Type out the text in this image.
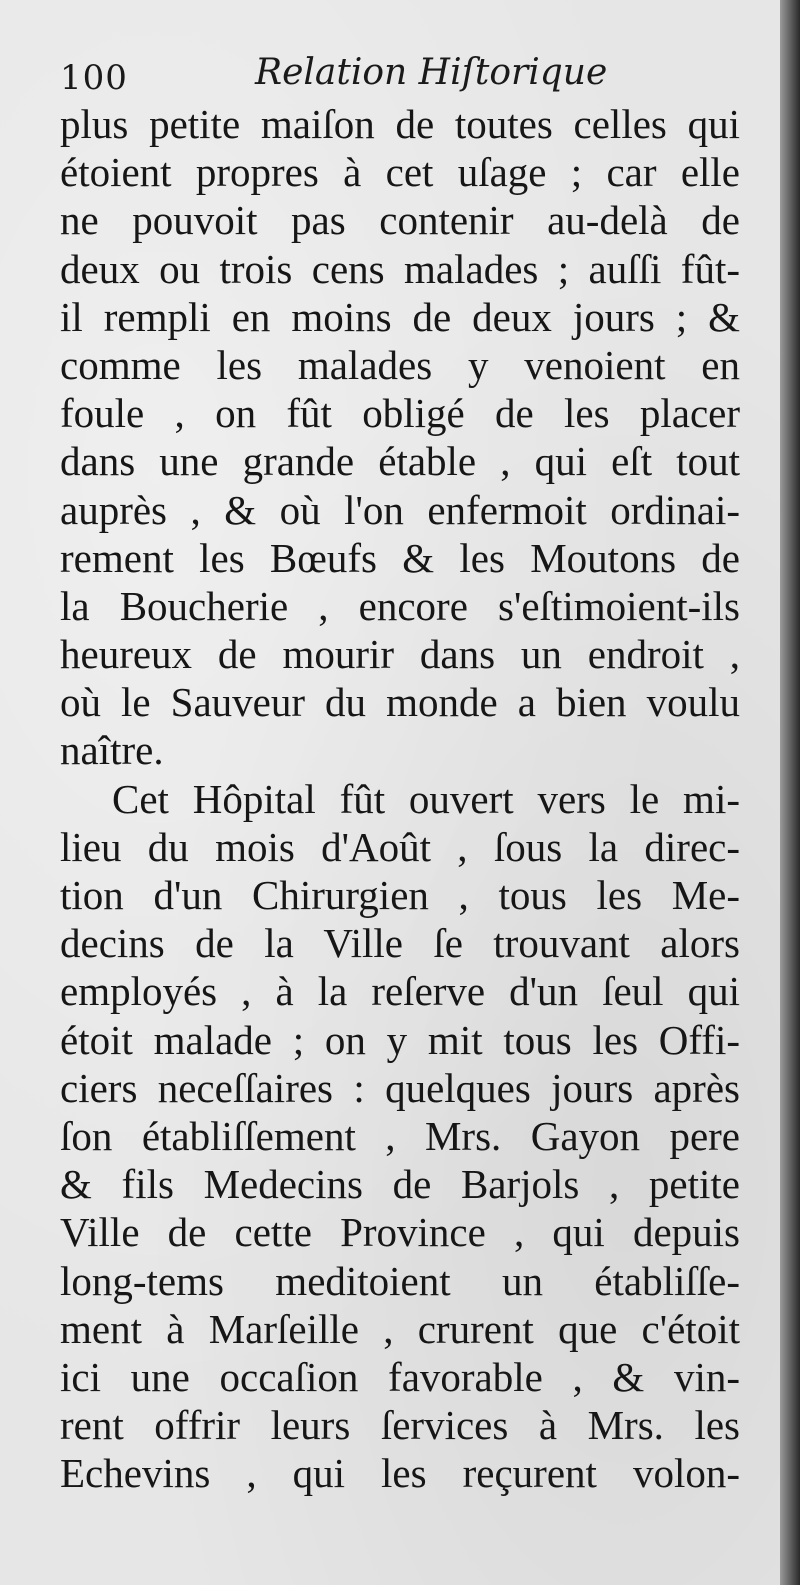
100	Relation Hiſtorique
plus petite maiſon de toutes celles qui
étoient propres à cet uſage ; car elle
ne pouvoit pas contenir au-delà de
deux ou trois cens malades ; auſſi fût-
il rempli en moins de deux jours ; &
comme les malades y venoient en
foule , on fût obligé de les placer
dans une grande étable , qui eſt tout
auprès , & où l'on enfermoit ordinai-
rement les Bœufs & les Moutons de
la Boucherie , encore s'eſtimoient-ils
heureux de mourir dans un endroit ,
où le Sauveur du monde a bien voulu
naître.
Cet Hôpital fût ouvert vers le mi-
lieu du mois d'Août , ſous la direc-
tion d'un Chirurgien , tous les Me-
decins de la Ville ſe trouvant alors
employés , à la reſerve d'un ſeul qui
étoit malade ; on y mit tous les Offi-
ciers neceſſaires : quelques jours après
ſon établiſſement , Mrs. Gayon pere
& fils Medecins de Barjols , petite
Ville de cette Province , qui depuis
long-tems meditoient un établiſſe-
ment à Marſeille , crurent que c'étoit
ici une occaſion favorable , & vin-
rent offrir leurs ſervices à Mrs. les
Echevins , qui les reçurent volon-
